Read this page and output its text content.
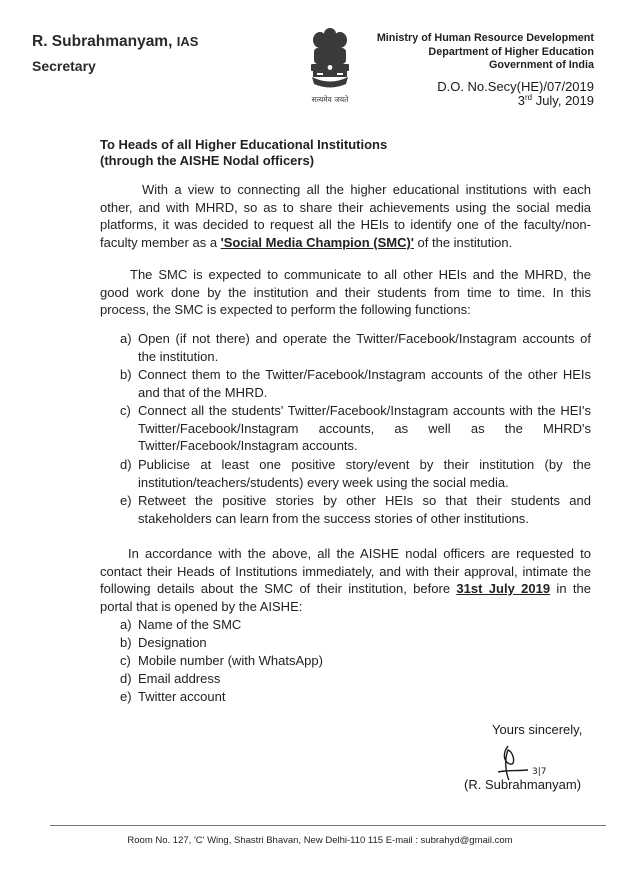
R. Subrahmanyam, IAS
Secretary
सत्यमेव जयते
Ministry of Human Resource Development
Department of Higher Education
Government of India
D.O. No.Secy(HE)/07/2019
3rd July, 2019
To Heads of all Higher Educational Institutions
(through the AISHE Nodal officers)
With a view to connecting all the higher educational institutions with each other, and with MHRD, so as to share their achievements using the social media platforms, it was decided to request all the HEIs to identify one of the faculty/non-faculty member as a 'Social Media Champion (SMC)' of the institution.
The SMC is expected to communicate to all other HEIs and the MHRD, the good work done by the institution and their students from time to time. In this process, the SMC is expected to perform the following functions:
a) Open (if not there) and operate the Twitter/Facebook/Instagram accounts of the institution.
b) Connect them to the Twitter/Facebook/Instagram accounts of the other HEIs and that of the MHRD.
c) Connect all the students' Twitter/Facebook/Instagram accounts with the HEI's Twitter/Facebook/Instagram accounts, as well as the MHRD's Twitter/Facebook/Instagram accounts.
d) Publicise at least one positive story/event by their institution (by the institution/teachers/students) every week using the social media.
e) Retweet the positive stories by other HEIs so that their students and stakeholders can learn from the success stories of other institutions.
In accordance with the above, all the AISHE nodal officers are requested to contact their Heads of Institutions immediately, and with their approval, intimate the following details about the SMC of their institution, before 31st July 2019 in the portal that is opened by the AISHE:
a) Name of the SMC
b) Designation
c) Mobile number (with WhatsApp)
d) Email address
e) Twitter account
Yours sincerely,
3|7
(R. Subrahmanyam)
Room No. 127, 'C' Wing, Shastri Bhavan, New Delhi-110 115 E-mail : subrahyd@gmail.com
